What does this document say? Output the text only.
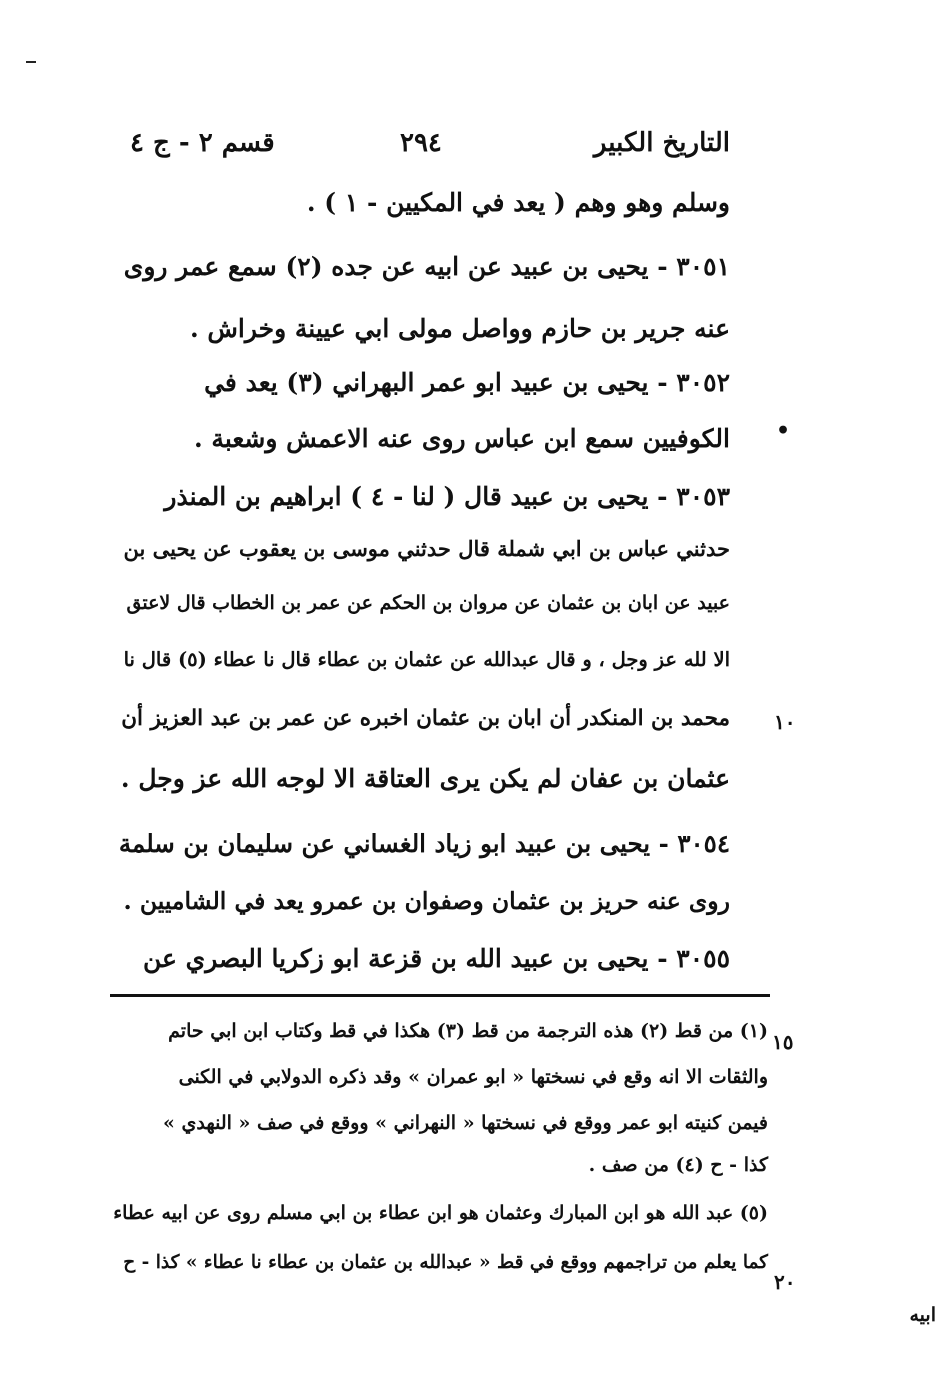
التاريخ الكبير
٢٩٤
قسم ٢ - ج ٤
وسلم وهو وهم ( يعد في المكيين - ١ ) .
٣٠٥١ - يحيى بن عبيد عن ابيه عن جده (٢) سمع عمر روى
عنه جرير بن حازم وواصل مولى ابي عيينة وخراش .
٣٠٥٢ - يحيى بن عبيد ابو عمر البهراني (٣) يعد في
الكوفيين سمع ابن عباس روى عنه الاعمش وشعبة .
٣٠٥٣ - يحيى بن عبيد قال ( لنا - ٤ ) ابراهيم بن المنذر
حدثني عباس بن ابي شملة قال حدثني موسى بن يعقوب عن يحيى بن
عبيد عن ابان بن عثمان عن مروان بن الحكم عن عمر بن الخطاب قال لاعتق
الا لله عز وجل ، و قال عبدالله عن عثمان بن عطاء قال نا عطاء (٥) قال نا
محمد بن المنكدر أن ابان بن عثمان اخبره عن عمر بن عبد العزيز أن
عثمان بن عفان لم يكن يرى العتاقة الا لوجه الله عز وجل .
٣٠٥٤ - يحيى بن عبيد ابو زياد الغساني عن سليمان بن سلمة
روى عنه حريز بن عثمان وصفوان بن عمرو يعد في الشاميين .
٣٠٥٥ - يحيى بن عبيد الله بن قزعة ابو زكريا البصري عن
•
١٠
(١) من قط (٢) هذه الترجمة من قط (٣) هكذا في قط وكتاب ابن ابي حاتم
والثقات الا انه وقع في نسختها « ابو عمران » وقد ذكره الدولابي في الكنى
فيمن كنيته ابو عمر ووقع في نسختها « النهراني » ووقع في صف « النهدي »
كذا - ح (٤) من صف .
(٥) عبد الله هو ابن المبارك وعثمان هو ابن عطاء بن ابي مسلم روى عن ابيه عطاء
كما يعلم من تراجمهم ووقع في قط « عبدالله بن عثمان بن عطاء نا عطاء » كذا - ح
ابيه
١٥
٢٠
